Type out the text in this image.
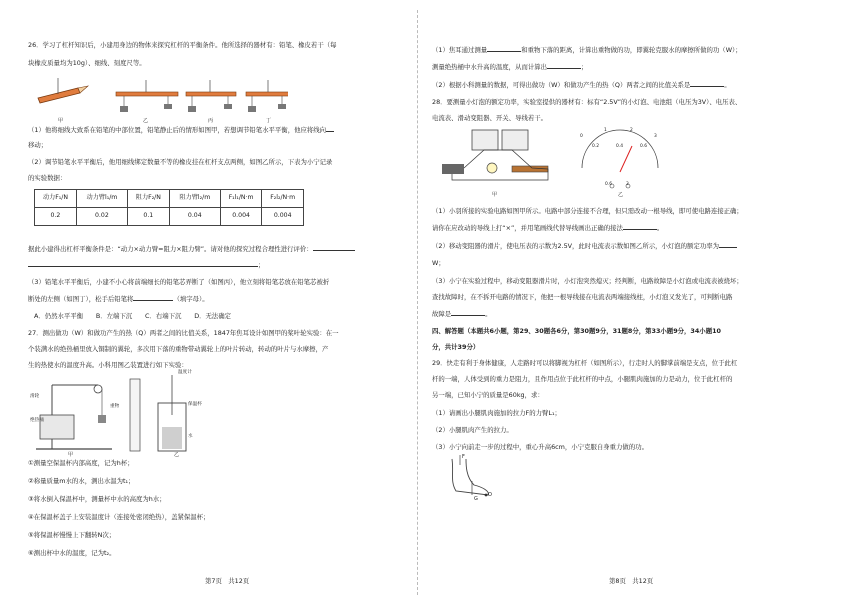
26．学习了杠杆知识后，小建用身边的物体来探究杠杆的平衡条件。他所选择的器材有：铅笔、橡皮若干（每

块橡皮质量均为10g）、细线、刻度尺等。

甲	乙	丙	丁

（1）他将细线大致系在铅笔的中部位置，铅笔静止后的情形如图甲，若想调节铅笔水平平衡，他应将线向

移动；

（2）调节铅笔水平平衡后，他用细线绑定数量不等的橡皮挂在杠杆支点两侧，如图乙所示，下表为小宁记录

的实验数据：

动力F₁/N	动力臂l₁/m	阻力F₂/N	阻力臂l₂/m	F₁l₁/N·m	F₂l₂/N·m
0.2	0.02	0.1	0.04	0.004	0.004

据此小建得出杠杆平衡条件是：“动力×动力臂=阻力×阻力臂”。请对他的探究过程合理性进行评价：

；

（3）铅笔水平平衡后，小建不小心将前端细长的铅笔芯弄断了（如图丙），他立刻将铅笔芯放在铅笔芯被折

断处的左侧（如图丁），松手后铅笔将	（填字母）。

A．仍然水平平衡　　B．左端下沉　　C．右端下沉　　D．无法确定

27．测出做功（W）和做功产生的热（Q）两者之间的比值关系，1847年焦耳设计如图甲的桨叶轮实验：在一

个装满水的绝热桶里放入铜制的翼轮，多次用下落的重物带动翼轮上的叶片转动，转动的叶片与水摩擦，产

生的热使水的温度升高。小科用图乙装置进行如下实验：

滑轮
绝热桶
重物
温度计
保温杯
水
甲	乙

①测量空保温杯内部高度，记为h杯；

②称量质量m水的水，测出水温为t₁；

③将水倒入保温杯中，测量杯中水的高度为h水；

④在保温杯盖子上安装温度计（连接处密闭绝热），盖紧保温杯；

⑤将保温杯慢慢上下翻转N次；

⑥测出杯中水的温度，记为t₂。

第7页　共12页

（1）焦耳通过测量	和重物下落的距离，计算出重物做的功，即翼轮克服水的摩擦所做的功（W）；

测量绝热桶中水升高的温度，从而计算出	；

（2）根据小科测量的数据，可得出做功（W）和做功产生的热（Q）两者之间的比值关系是	。

28．要测量小灯泡的额定功率，实验室提供的器材有：标有“2.5V”的小灯泡、电池组（电压为3V）、电压表、

电流表、滑动变阻器、开关、导线若干。

0
0.2
1
0.4
2
0.6
3
0.6	3
甲	乙

（1）小羽所接的实验电路如图甲所示。电路中部分连接不合理，但只需改动一根导线，即可使电路连接正确；

请你在应改动的导线上打“×”，并用笔画线代替导线画出正确的接法	。

（2）移动变阻器的滑片，使电压表的示数为2.5V，此时电流表示数如图乙所示，小灯泡的额定功率为

W；

（3）小宁在实验过程中，移动变阻器滑片时，小灯泡突然熄灭；经判断，电路故障是小灯泡或电流表被烧坏；

查找故障时，在不拆开电路的情况下，他把一根导线接在电流表两端接线柱，小灯泡又发光了，可判断电路

故障是	。

四、解答题（本题共6小题，第29、30题各6分，第30题9分，31题8分，第33小题9分，34小题10

分，共计39分）

29．快走有利于身体健康，人走路时可以将脚视为杠杆（如图所示），行走时人的脚掌前端是支点，位于此杠

杆的一端，人体受到的重力是阻力，且作用点位于此杠杆的中点，小腿肌肉施加的力是动力，位于此杠杆的

另一端，已知小宁的质量是60kg，求：

（1）请画出小腿肌肉施加的拉力F的力臂L₁；

（2）小腿肌肉产生的拉力。

（3）小宁向前走一步的过程中，重心升高6cm，小宁克服自身重力做的功。

F
O
G

第8页　共12页
